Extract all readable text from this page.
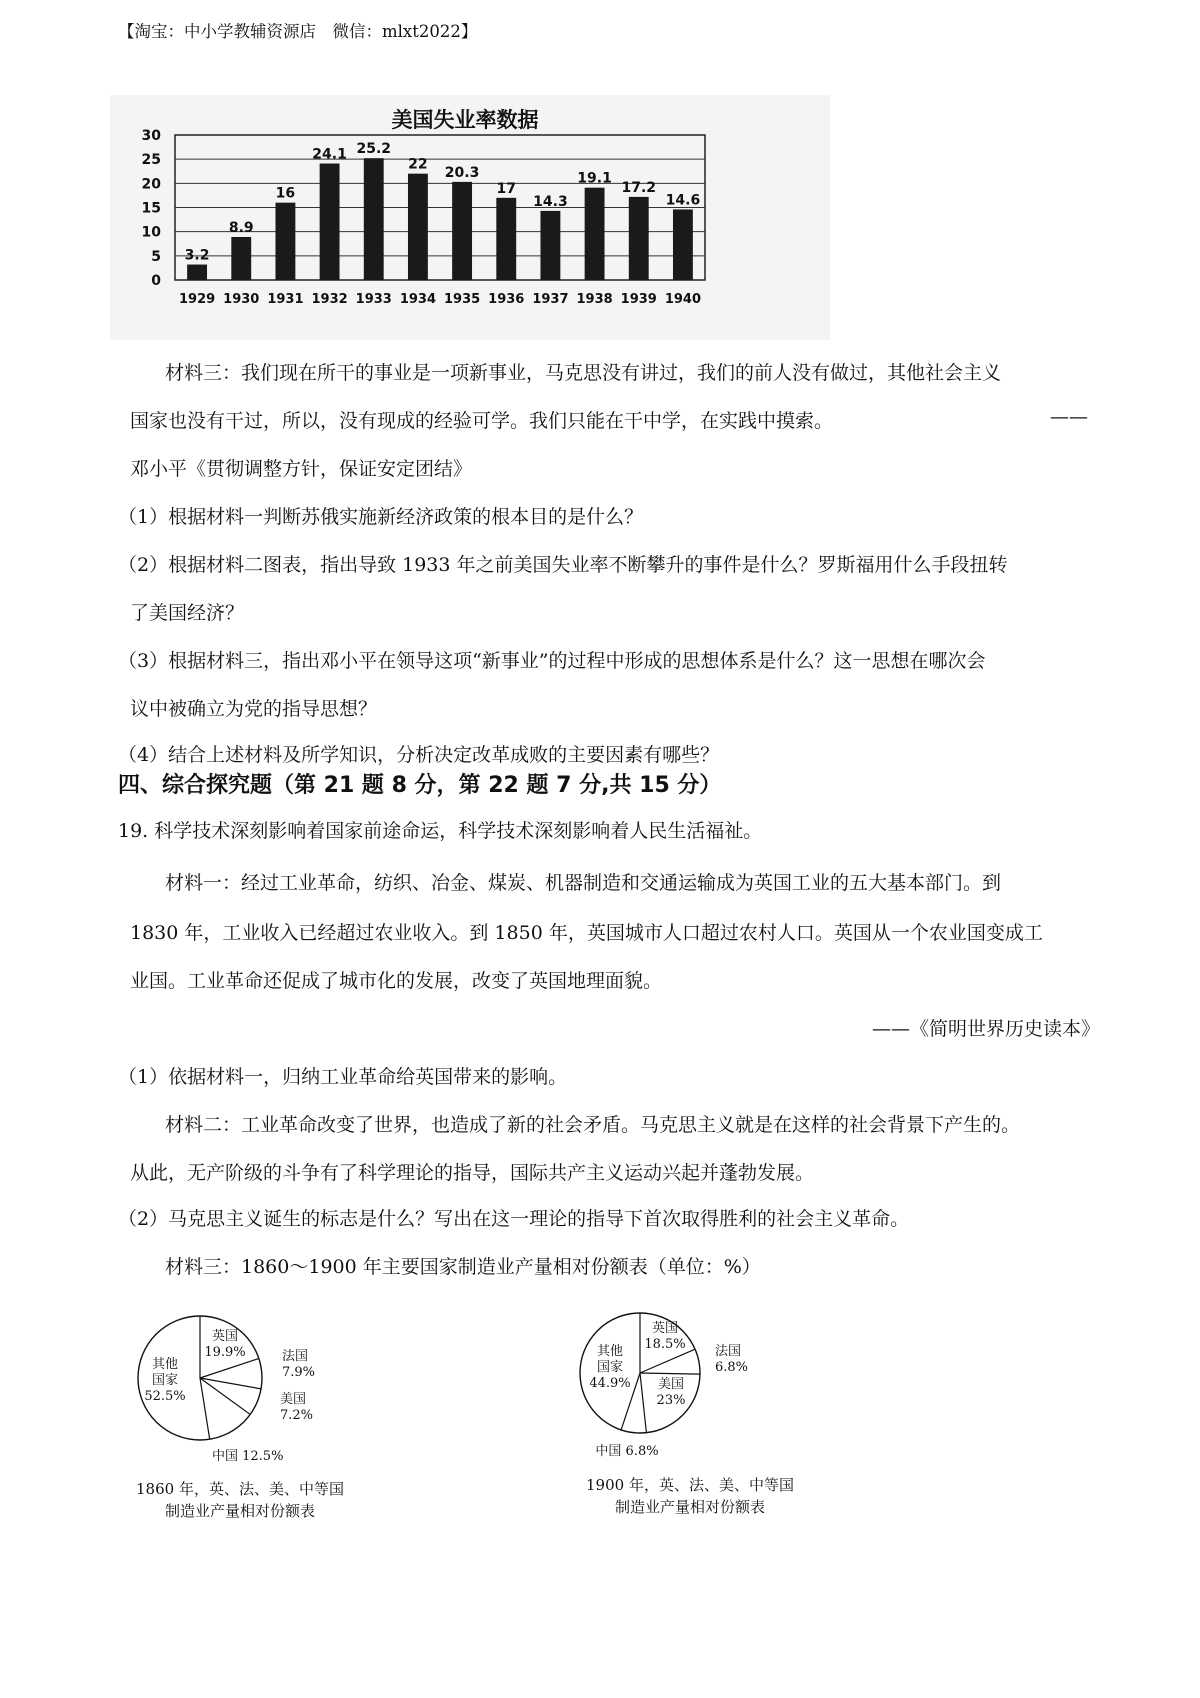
【淘宝：中小学教辅资源店　微信：mlxt2022】
美国失业率数据
30
25
20
15
10
5
0
3.2
8.9
16
24.1 25.2
22
20.3
17
14.3
19.1
17.2
14.6
1929 1930 1931 1932 1933 1934 1935 1936 1937 1938 1939 1940
材料三：我们现在所干的事业是一项新事业，马克思没有讲过，我们的前人没有做过，其他社会主义
国家也没有干过，所以，没有现成的经验可学。我们只能在干中学，在实践中摸索。	——
邓小平《贯彻调整方针，保证安定团结》
（1）根据材料一判断苏俄实施新经济政策的根本目的是什么？
（2）根据材料二图表，指出导致 1933 年之前美国失业率不断攀升的事件是什么？罗斯福用什么手段扭转
了美国经济？
（3）根据材料三，指出邓小平在领导这项“新事业”的过程中形成的思想体系是什么？这一思想在哪次会
议中被确立为党的指导思想？
（4）结合上述材料及所学知识，分析决定改革成败的主要因素有哪些？
四、综合探究题（第 21 题 8 分，第 22 题 7 分,共 15 分）
19. 科学技术深刻影响着国家前途命运，科学技术深刻影响着人民生活福祉。
材料一：经过工业革命，纺织、冶金、煤炭、机器制造和交通运输成为英国工业的五大基本部门。到
1830 年，工业收入已经超过农业收入。到 1850 年，英国城市人口超过农村人口。英国从一个农业国变成工
业国。工业革命还促成了城市化的发展，改变了英国地理面貌。
——《简明世界历史读本》
（1）依据材料一，归纳工业革命给英国带来的影响。
材料二：工业革命改变了世界，也造成了新的社会矛盾。马克思主义就是在这样的社会背景下产生的。
从此，无产阶级的斗争有了科学理论的指导，国际共产主义运动兴起并蓬勃发展。
（2）马克思主义诞生的标志是什么？写出在这一理论的指导下首次取得胜利的社会主义革命。
材料三：1860～1900 年主要国家制造业产量相对份额表（单位：%）
英国
19.9%	法国
7.9%
美国
7.2%
中国 12.5%
其他
国家
52.5%
1860 年，英、法、美、中等国
制造业产量相对份额表
英国
18.5% 法国
6.8%
美国
23%
中国 6.8%
其他
国家
44.9%
1900 年，英、法、美、中等国
制造业产量相对份额表
